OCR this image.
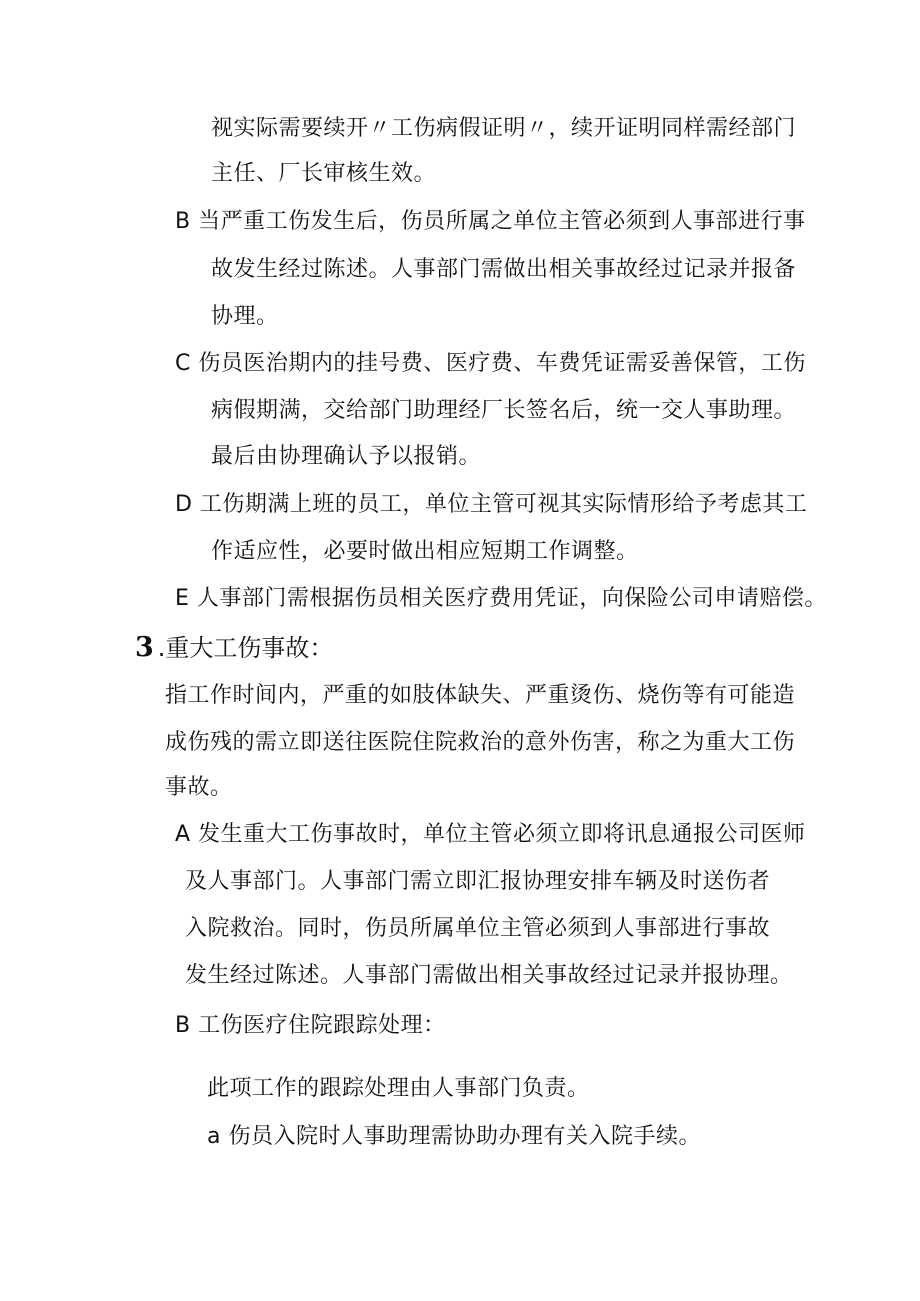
视实际需要续开〃工伤病假证明〃，续开证明同样需经部门
主任、厂长审核生效。
B 当严重工伤发生后，伤员所属之单位主管必须到人事部进行事
故发生经过陈述。人事部门需做出相关事故经过记录并报备
协理。
C 伤员医治期内的挂号费、医疗费、车费凭证需妥善保管，工伤
病假期满，交给部门助理经厂长签名后，统一交人事助理。
最后由协理确认予以报销。
D 工伤期满上班的员工，单位主管可视其实际情形给予考虑其工
作适应性，必要时做出相应短期工作调整。
E 人事部门需根据伤员相关医疗费用凭证，向保险公司申请赔偿。
3 .重大工伤事故：
指工作时间内，严重的如肢体缺失、严重烫伤、烧伤等有可能造
成伤残的需立即送往医院住院救治的意外伤害，称之为重大工伤
事故。
A 发生重大工伤事故时，单位主管必须立即将讯息通报公司医师
及人事部门。人事部门需立即汇报协理安排车辆及时送伤者
入院救治。同时，伤员所属单位主管必须到人事部进行事故
发生经过陈述。人事部门需做出相关事故经过记录并报协理。
B 工伤医疗住院跟踪处理：
此项工作的跟踪处理由人事部门负责。
a 伤员入院时人事助理需协助办理有关入院手续。
